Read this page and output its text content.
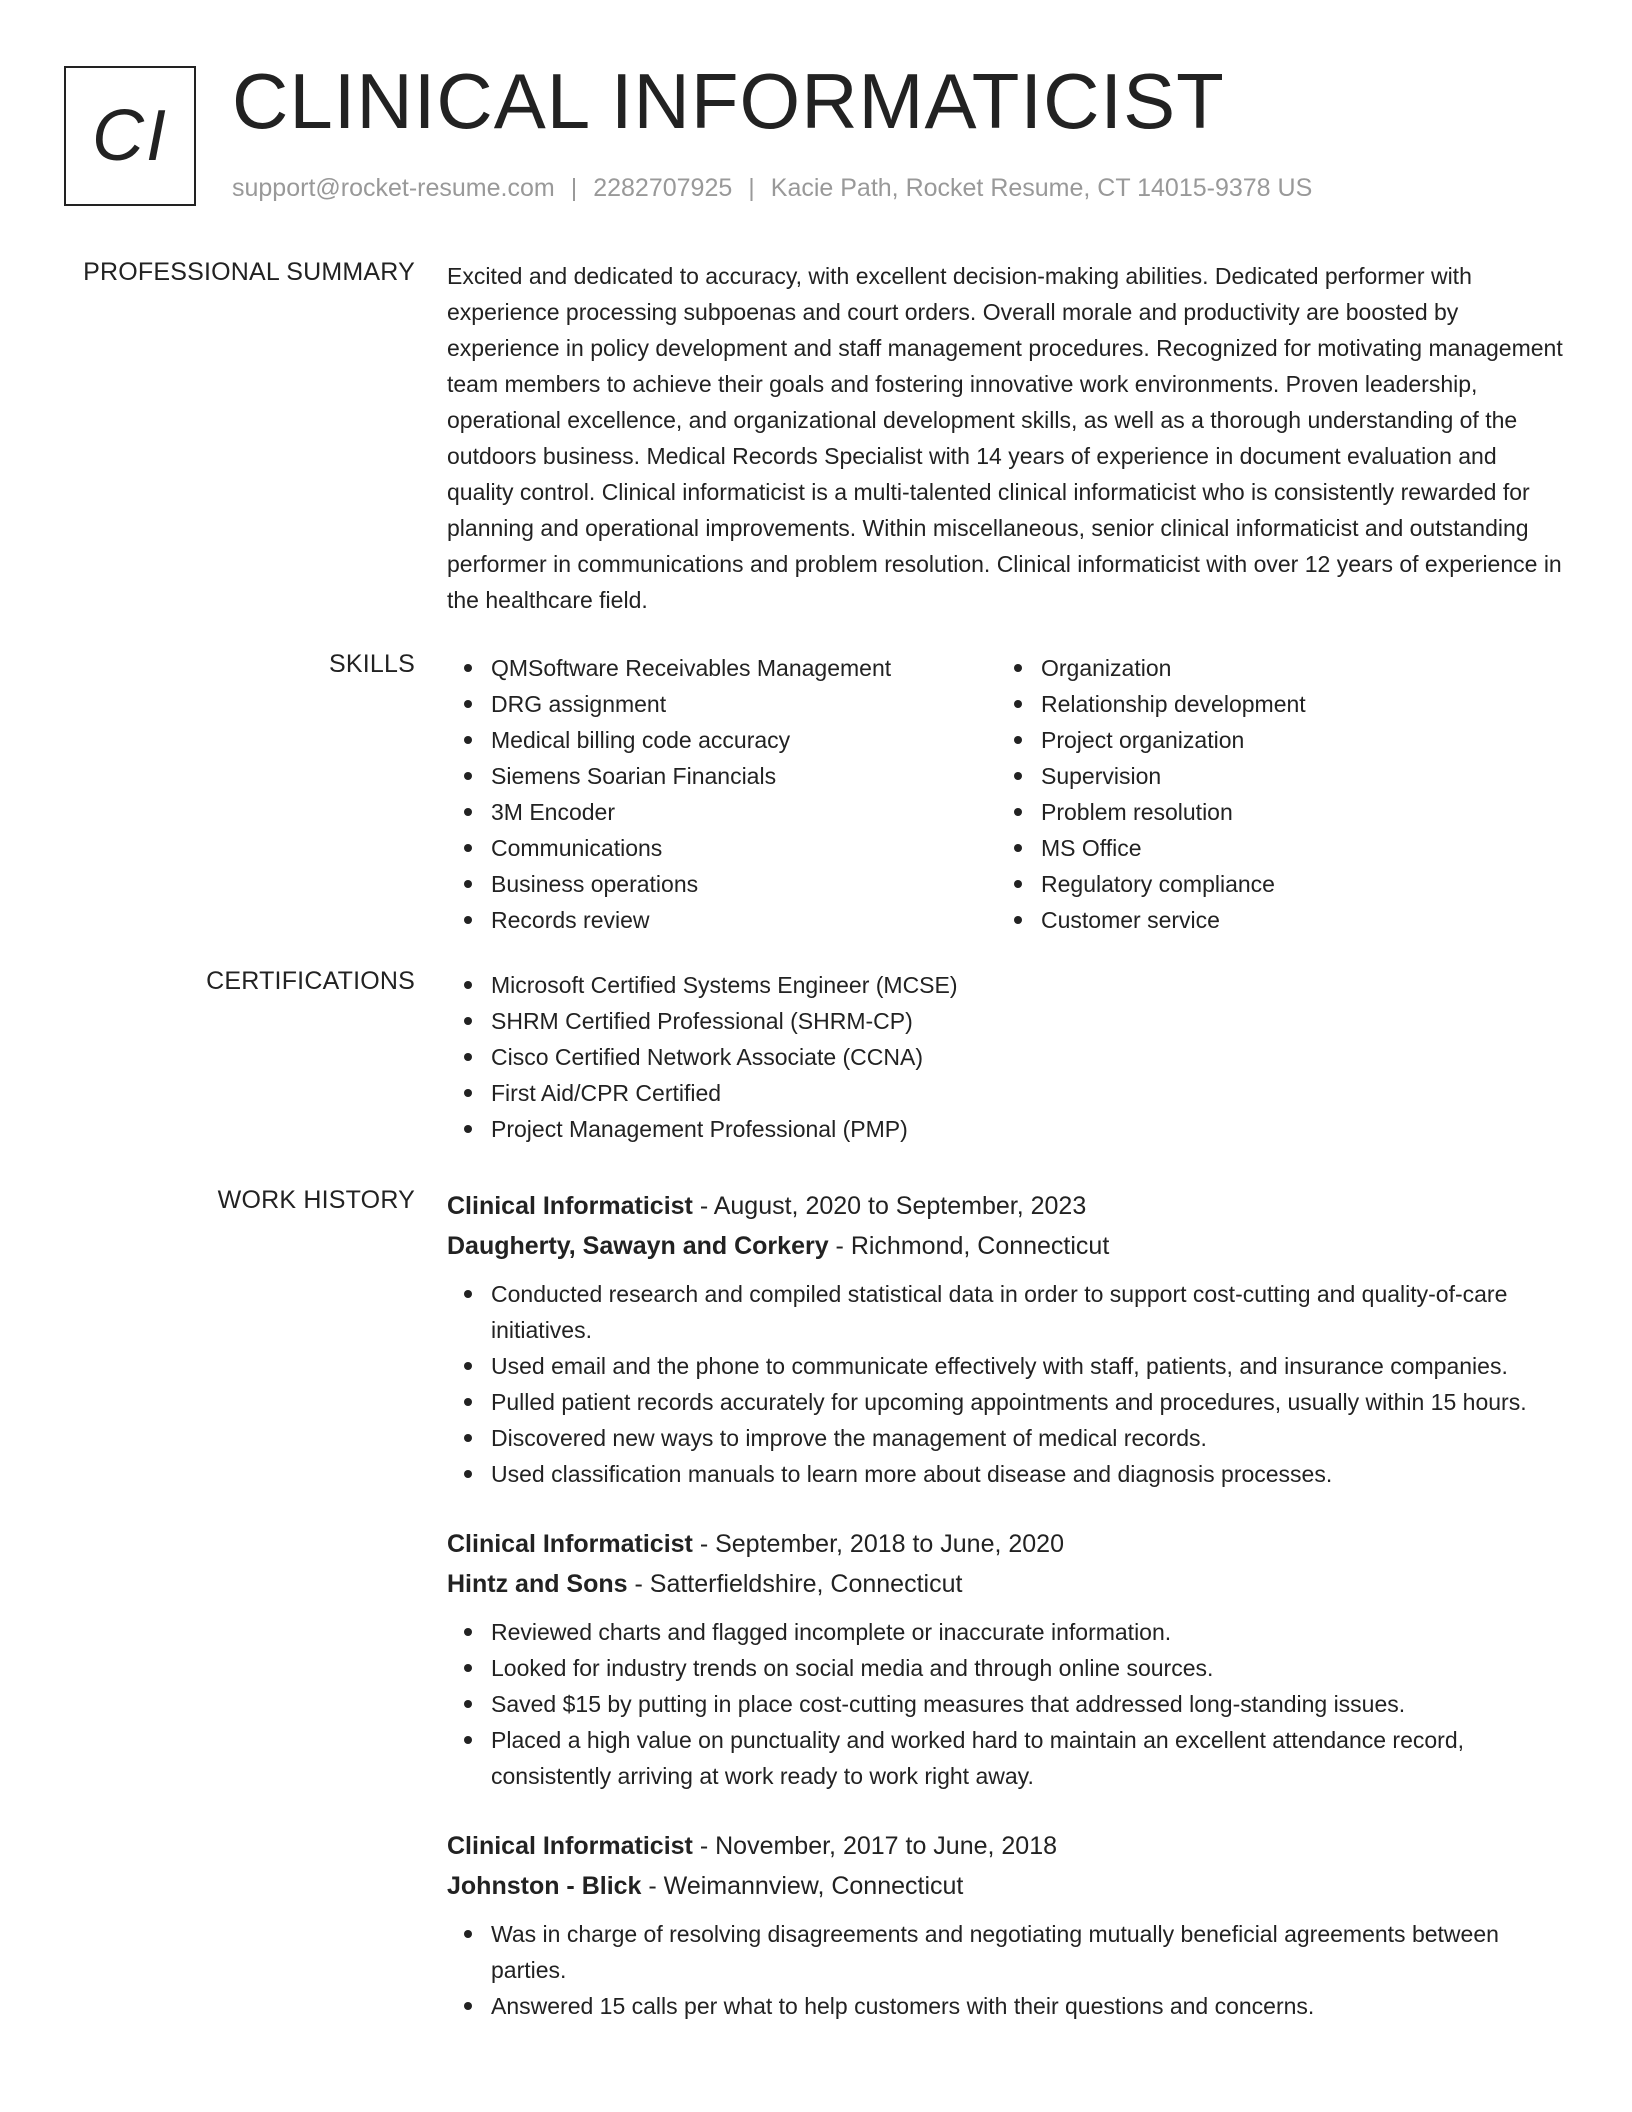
CI CLINICAL INFORMATICIST
support@rocket-resume.com | 2282707925 | Kacie Path, Rocket Resume, CT 14015-9378 US
PROFESSIONAL SUMMARY Excited and dedicated to accuracy, with excellent decision-making abilities. Dedicated performer with experience processing subpoenas and court orders. Overall morale and productivity are boosted by experience in policy development and staff management procedures. Recognized for motivating management team members to achieve their goals and fostering innovative work environments. Proven leadership, operational excellence, and organizational development skills, as well as a thorough understanding of the outdoors business. Medical Records Specialist with 14 years of experience in document evaluation and quality control. Clinical informaticist is a multi-talented clinical informaticist who is consistently rewarded for planning and operational improvements. Within miscellaneous, senior clinical informaticist and outstanding performer in communications and problem resolution. Clinical informaticist with over 12 years of experience in the healthcare field.

SKILLS	QMSoftware Receivables Management
DRG assignment
Medical billing code accuracy
Siemens Soarian Financials
3M Encoder
Communications
Business operations
Records review
Organization
Relationship development
Project organization
Supervision
Problem resolution
MS Office
Regulatory compliance
Customer service
CERTIFICATIONS	Microsoft Certified Systems Engineer (MCSE)
SHRM Certified Professional (SHRM-CP)
Cisco Certified Network Associate (CCNA)
First Aid/CPR Certified
Project Management Professional (PMP)
WORK HISTORY Clinical Informaticist - August, 2020 to September, 2023
Daugherty, Sawayn and Corkery - Richmond, Connecticut
Conducted research and compiled statistical data in order to support cost-cutting and quality-of-care initiatives.
Used email and the phone to communicate effectively with staff, patients, and insurance companies.
Pulled patient records accurately for upcoming appointments and procedures, usually within 15 hours.
Discovered new ways to improve the management of medical records.
Used classification manuals to learn more about disease and diagnosis processes.
Clinical Informaticist - September, 2018 to June, 2020
Hintz and Sons - Satterfieldshire, Connecticut
Reviewed charts and flagged incomplete or inaccurate information.
Looked for industry trends on social media and through online sources.
Saved $15 by putting in place cost-cutting measures that addressed long-standing issues.
Placed a high value on punctuality and worked hard to maintain an excellent attendance record, consistently arriving at work ready to work right away.
Clinical Informaticist - November, 2017 to June, 2018
Johnston - Blick - Weimannview, Connecticut
Was in charge of resolving disagreements and negotiating mutually beneficial agreements between parties.
Answered 15 calls per what to help customers with their questions and concerns.
